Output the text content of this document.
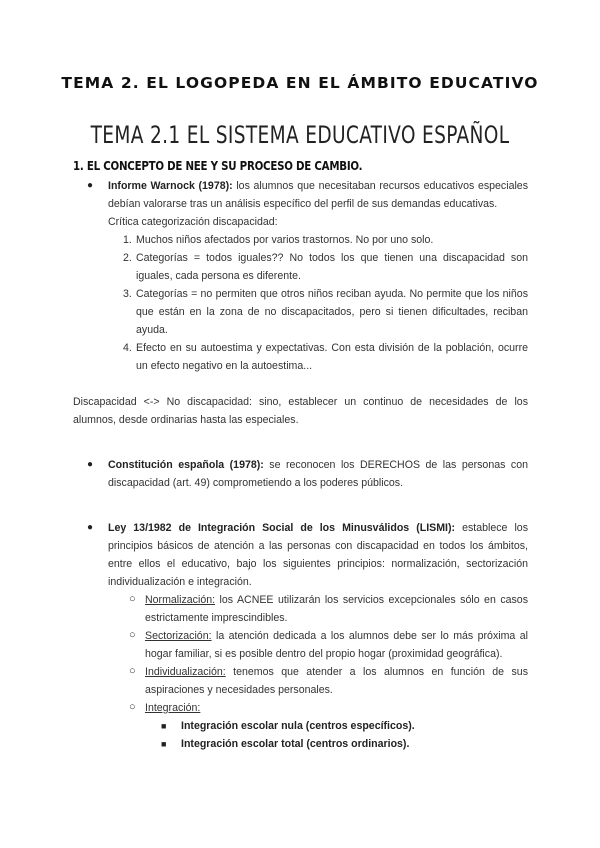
TEMA 2. EL LOGOPEDA EN EL ÁMBITO EDUCATIVO
TEMA 2.1 EL SISTEMA EDUCATIVO ESPAÑOL
1. EL CONCEPTO DE NEE Y SU PROCESO DE CAMBIO.
● Informe Warnock (1978): los alumnos que necesitaban recursos educativos especiales debían valorarse tras un análisis específico del perfil de sus demandas educativas.
Crítica categorización discapacidad:
1. Muchos niños afectados por varios trastornos. No por uno solo.
2. Categorías = todos iguales?? No todos los que tienen una discapacidad son iguales, cada persona es diferente.
3. Categorías = no permiten que otros niños reciban ayuda. No permite que los niños que están en la zona de no discapacitados, pero si tienen dificultades, reciban ayuda.
4. Efecto en su autoestima y expectativas. Con esta división de la población, ocurre un efecto negativo en la autoestima...
Discapacidad <-> No discapacidad: sino, establecer un continuo de necesidades de los alumnos, desde ordinarias hasta las especiales.
● Constitución española (1978): se reconocen los DERECHOS de las personas con discapacidad (art. 49) comprometiendo a los poderes públicos.
● Ley 13/1982 de Integración Social de los Minusválidos (LISMI): establece los principios básicos de atención a las personas con discapacidad en todos los ámbitos, entre ellos el educativo, bajo los siguientes principios: normalización, sectorización individualización e integración.
○ Normalización: los ACNEE utilizarán los servicios excepcionales sólo en casos estrictamente imprescindibles.
○ Sectorización: la atención dedicada a los alumnos debe ser lo más próxima al hogar familiar, si es posible dentro del propio hogar (proximidad geográfica).
○ Individualización: tenemos que atender a los alumnos en función de sus aspiraciones y necesidades personales.
○ Integración:
■ Integración escolar nula (centros específicos).
■ Integración escolar total (centros ordinarios).
